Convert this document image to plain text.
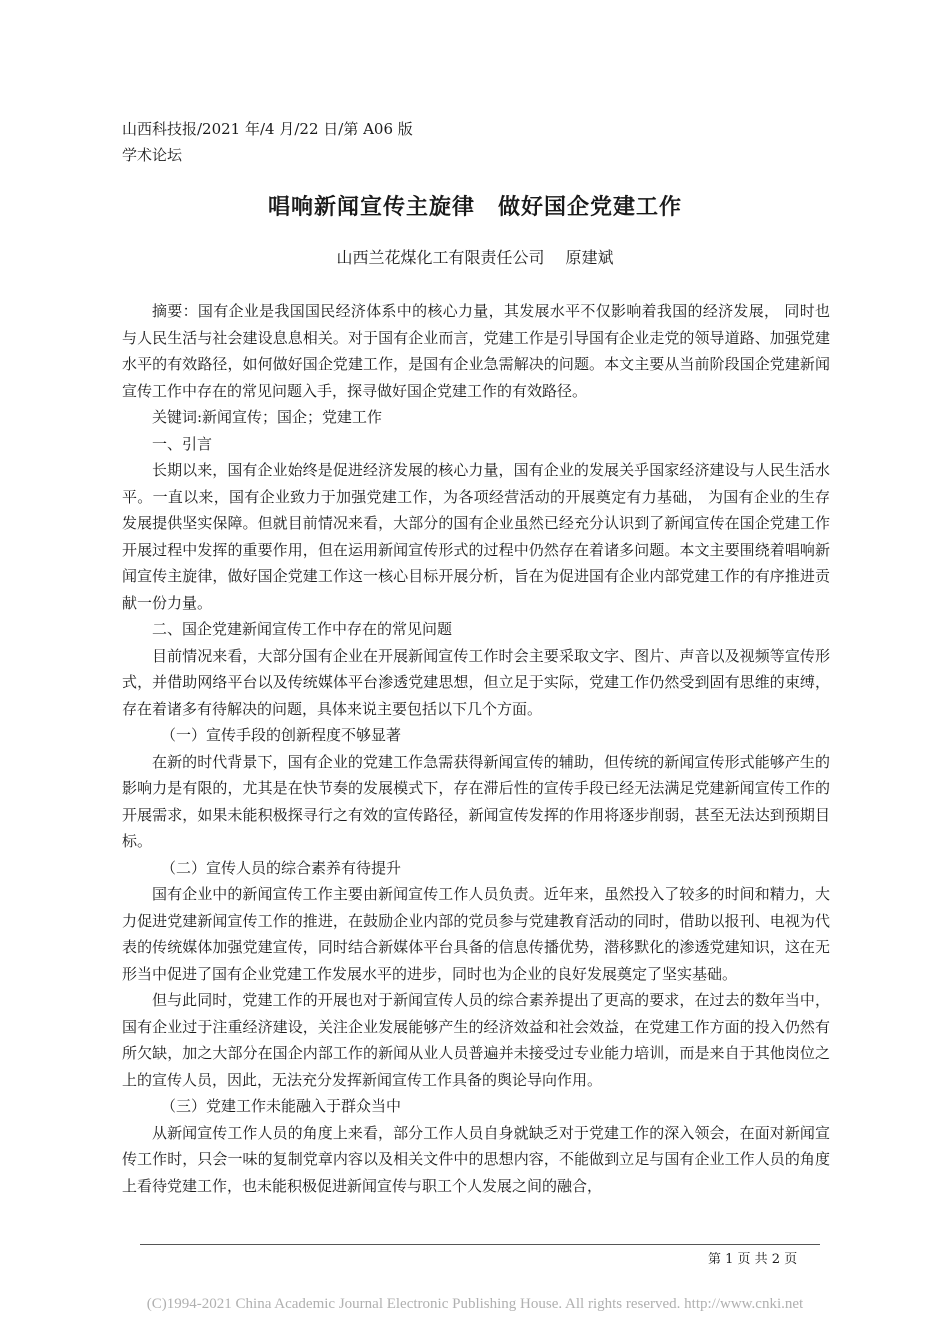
山西科技报/2021 年/4 月/22 日/第 A06 版
学术论坛
唱响新闻宣传主旋律　做好国企党建工作
山西兰花煤化工有限责任公司　 原建斌

摘要：国有企业是我国国民经济体系中的核心力量，其发展水平不仅影响着我国的经济发展， 同时也与人民生活与社会建设息息相关。对于国有企业而言，党建工作是引导国有企业走党的领导道路、加强党建水平的有效路径，如何做好国企党建工作，是国有企业急需解决的问题。本文主要从当前阶段国企党建新闻宣传工作中存在的常见问题入手，探寻做好国企党建工作的有效路径。

关键词:新闻宣传；国企；党建工作

一、引言

长期以来，国有企业始终是促进经济发展的核心力量，国有企业的发展关乎国家经济建设与人民生活水平。一直以来，国有企业致力于加强党建工作，为各项经营活动的开展奠定有力基础， 为国有企业的生存发展提供坚实保障。但就目前情况来看，大部分的国有企业虽然已经充分认识到了新闻宣传在国企党建工作开展过程中发挥的重要作用，但在运用新闻宣传形式的过程中仍然存在着诸多问题。本文主要围绕着唱响新闻宣传主旋律，做好国企党建工作这一核心目标开展分析，旨在为促进国有企业内部党建工作的有序推进贡献一份力量。

二、国企党建新闻宣传工作中存在的常见问题

目前情况来看，大部分国有企业在开展新闻宣传工作时会主要采取文字、图片、声音以及视频等宣传形式，并借助网络平台以及传统媒体平台渗透党建思想，但立足于实际，党建工作仍然受到固有思维的束缚，存在着诸多有待解决的问题，具体来说主要包括以下几个方面。

（一）宣传手段的创新程度不够显著

在新的时代背景下，国有企业的党建工作急需获得新闻宣传的辅助，但传统的新闻宣传形式能够产生的影响力是有限的，尤其是在快节奏的发展模式下，存在滞后性的宣传手段已经无法满足党建新闻宣传工作的开展需求，如果未能积极探寻行之有效的宣传路径，新闻宣传发挥的作用将逐步削弱，甚至无法达到预期目标。

（二）宣传人员的综合素养有待提升

国有企业中的新闻宣传工作主要由新闻宣传工作人员负责。近年来，虽然投入了较多的时间和精力，大力促进党建新闻宣传工作的推进，在鼓励企业内部的党员参与党建教育活动的同时，借助以报刊、电视为代表的传统媒体加强党建宣传，同时结合新媒体平台具备的信息传播优势，潜移默化的渗透党建知识，这在无形当中促进了国有企业党建工作发展水平的进步，同时也为企业的良好发展奠定了坚实基础。

但与此同时，党建工作的开展也对于新闻宣传人员的综合素养提出了更高的要求，在过去的数年当中，国有企业过于注重经济建设，关注企业发展能够产生的经济效益和社会效益，在党建工作方面的投入仍然有所欠缺，加之大部分在国企内部工作的新闻从业人员普遍并未接受过专业能力培训，而是来自于其他岗位之上的宣传人员，因此，无法充分发挥新闻宣传工作具备的舆论导向作用。

（三）党建工作未能融入于群众当中

从新闻宣传工作人员的角度上来看，部分工作人员自身就缺乏对于党建工作的深入领会，在面对新闻宣传工作时，只会一味的复制党章内容以及相关文件中的思想内容，不能做到立足与国有企业工作人员的角度上看待党建工作，也未能积极促进新闻宣传与职工个人发展之间的融合，

第 1 页 共 2 页
(C)1994-2021 China Academic Journal Electronic Publishing House. All rights reserved. http://www.cnki.net
